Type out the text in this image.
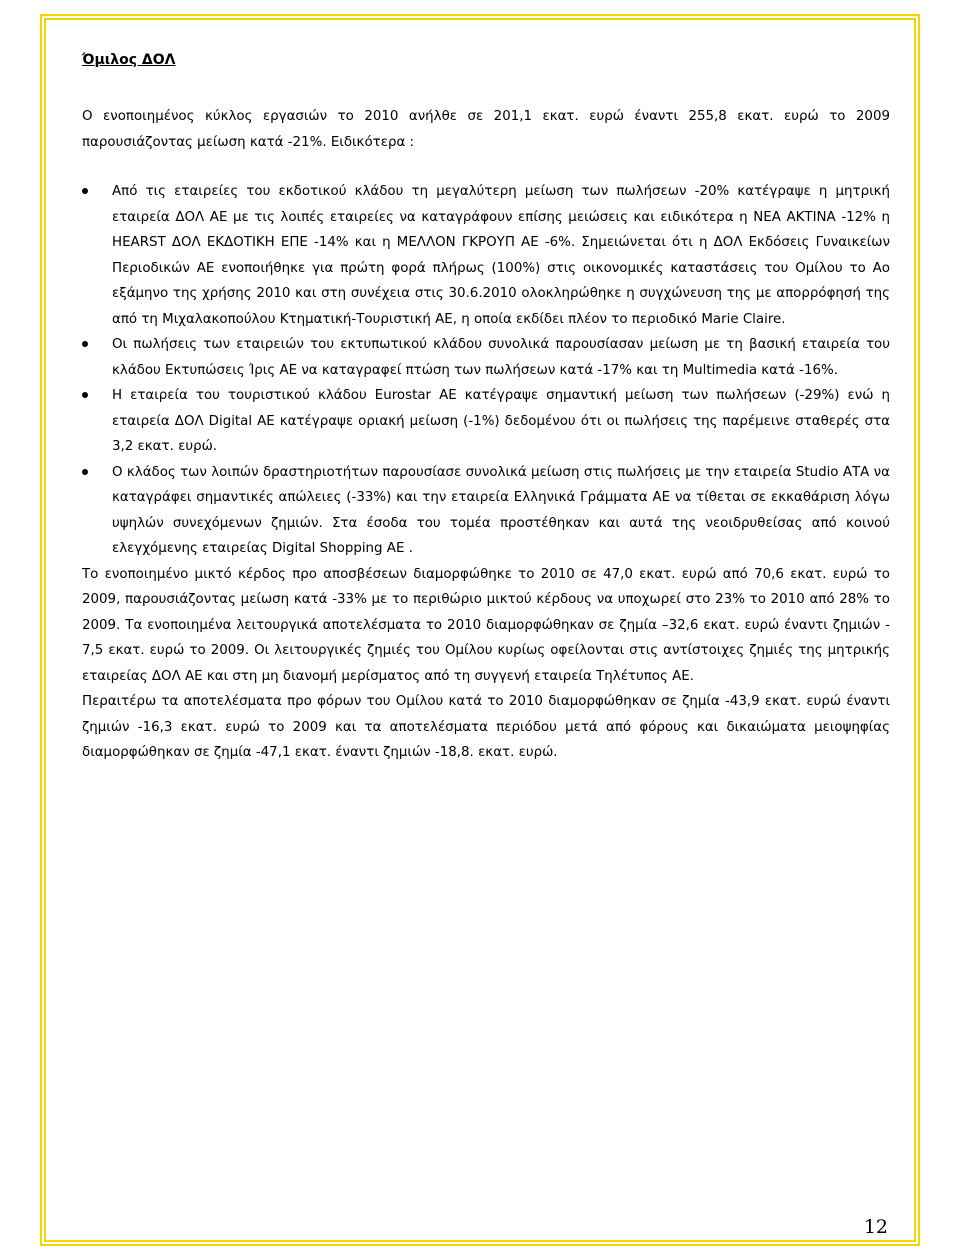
Όμιλος ΔΟΛ

Ο ενοποιημένος κύκλος εργασιών το 2010 ανήλθε σε 201,1 εκατ. ευρώ έναντι 255,8 εκατ. ευρώ το 2009 παρουσιάζοντας μείωση κατά -21%. Ειδικότερα :

Από τις εταιρείες του εκδοτικού κλάδου τη μεγαλύτερη μείωση των πωλήσεων -20% κατέγραψε η μητρική εταιρεία ΔΟΛ ΑΕ με τις λοιπές εταιρείες να καταγράφουν επίσης μειώσεις και ειδικότερα η ΝΕΑ ΑΚΤΙΝΑ -12% η HEARST ΔΟΛ ΕΚΔΟΤΙΚΗ ΕΠΕ -14% και η ΜΕΛΛΟΝ ΓΚΡΟΥΠ ΑΕ -6%. Σημειώνεται ότι η ΔΟΛ Εκδόσεις Γυναικείων Περιοδικών ΑΕ ενοποιήθηκε για πρώτη φορά πλήρως (100%) στις οικονομικές καταστάσεις του Ομίλου το Αο εξάμηνο της χρήσης 2010 και στη συνέχεια στις 30.6.2010 ολοκληρώθηκε η συγχώνευση της με απορρόφησή της από τη Μιχαλακοπούλου Κτηματική-Τουριστική ΑΕ, η οποία εκδίδει πλέον το περιοδικό Marie Claire.
Οι πωλήσεις των εταιρειών του εκτυπωτικού κλάδου συνολικά παρουσίασαν μείωση με τη βασική εταιρεία του κλάδου Εκτυπώσεις Ίρις ΑΕ να καταγραφεί πτώση των πωλήσεων κατά -17% και τη Multimedia κατά -16%.
Η εταιρεία του τουριστικού κλάδου Eurostar ΑΕ κατέγραψε σημαντική μείωση των πωλήσεων (-29%) ενώ η εταιρεία ΔΟΛ Digital ΑΕ κατέγραψε οριακή μείωση (-1%) δεδομένου ότι οι πωλήσεις της παρέμεινε σταθερές στα 3,2 εκατ. ευρώ.
Ο κλάδος των λοιπών δραστηριοτήτων παρουσίασε συνολικά μείωση στις πωλήσεις με την εταιρεία Studio ΑΤΑ να καταγράφει σημαντικές απώλειες (-33%) και την εταιρεία Ελληνικά Γράμματα ΑΕ να τίθεται σε εκκαθάριση λόγω υψηλών συνεχόμενων ζημιών. Στα έσοδα του τομέα προστέθηκαν και αυτά της νεοιδρυθείσας από κοινού ελεγχόμενης εταιρείας Digital Shopping AE .

Το ενοποιημένο μικτό κέρδος προ αποσβέσεων διαμορφώθηκε το 2010 σε 47,0 εκατ. ευρώ από 70,6 εκατ. ευρώ το 2009, παρουσιάζοντας μείωση κατά -33% με το περιθώριο μικτού κέρδους να υποχωρεί στο 23% το 2010 από 28% το 2009. Τα ενοποιημένα λειτουργικά αποτελέσματα το 2010 διαμορφώθηκαν σε ζημία –32,6 εκατ. ευρώ έναντι ζημιών - 7,5 εκατ. ευρώ το 2009. Οι λειτουργικές ζημιές του Ομίλου κυρίως οφείλονται στις αντίστοιχες ζημιές της μητρικής εταιρείας ΔΟΛ ΑΕ και στη μη διανομή μερίσματος από τη συγγενή εταιρεία Τηλέτυπος ΑΕ.

Περαιτέρω τα αποτελέσματα προ φόρων του Ομίλου κατά το 2010 διαμορφώθηκαν σε ζημία -43,9 εκατ. ευρώ έναντι ζημιών -16,3 εκατ. ευρώ το 2009 και τα αποτελέσματα περιόδου μετά από φόρους και δικαιώματα μειοψηφίας διαμορφώθηκαν σε ζημία -47,1 εκατ. έναντι ζημιών -18,8. εκατ. ευρώ.

12
